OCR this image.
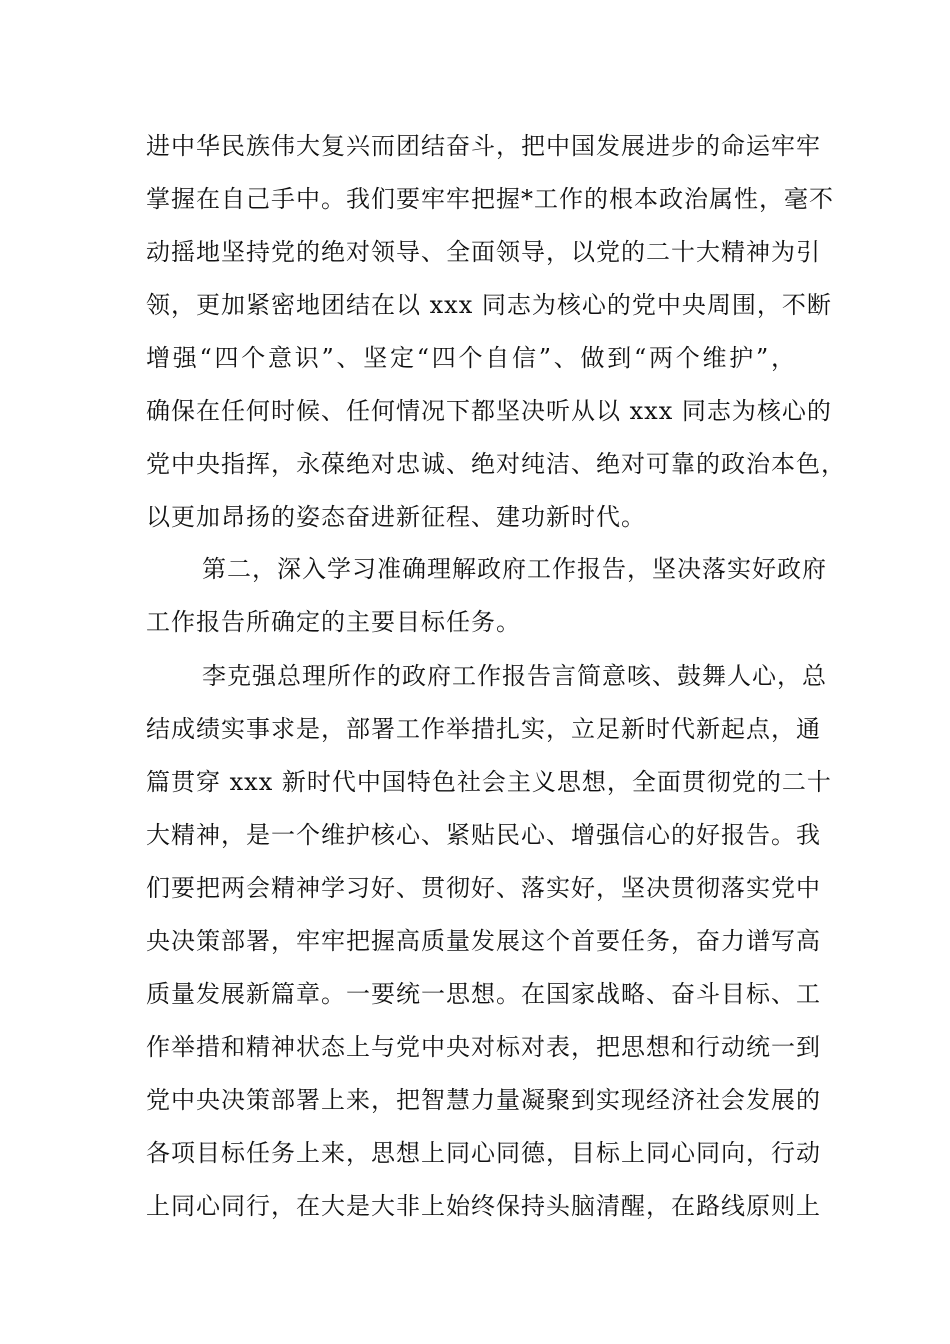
进中华民族伟大复兴而团结奋斗，把中国发展进步的命运牢牢
掌握在自己手中。我们要牢牢把握*工作的根本政治属性，毫不
动摇地坚持党的绝对领导、全面领导，以党的二十大精神为引
领，更加紧密地团结在以 xxx 同志为核心的党中央周围，不断
增强“四个意识”、坚定“四个自信”、做到“两个维护”，
确保在任何时候、任何情况下都坚决听从以 xxx 同志为核心的
党中央指挥，永葆绝对忠诚、绝对纯洁、绝对可靠的政治本色，
以更加昂扬的姿态奋进新征程、建功新时代。
第二，深入学习准确理解政府工作报告，坚决落实好政府
工作报告所确定的主要目标任务。
李克强总理所作的政府工作报告言简意咳、鼓舞人心，总
结成绩实事求是，部署工作举措扎实，立足新时代新起点，通
篇贯穿 xxx 新时代中国特色社会主义思想，全面贯彻党的二十
大精神，是一个维护核心、紧贴民心、增强信心的好报告。我
们要把两会精神学习好、贯彻好、落实好，坚决贯彻落实党中
央决策部署，牢牢把握高质量发展这个首要任务，奋力谱写高
质量发展新篇章。一要统一思想。在国家战略、奋斗目标、工
作举措和精神状态上与党中央对标对表，把思想和行动统一到
党中央决策部署上来，把智慧力量凝聚到实现经济社会发展的
各项目标任务上来，思想上同心同德，目标上同心同向，行动
上同心同行，在大是大非上始终保持头脑清醒，在路线原则上
